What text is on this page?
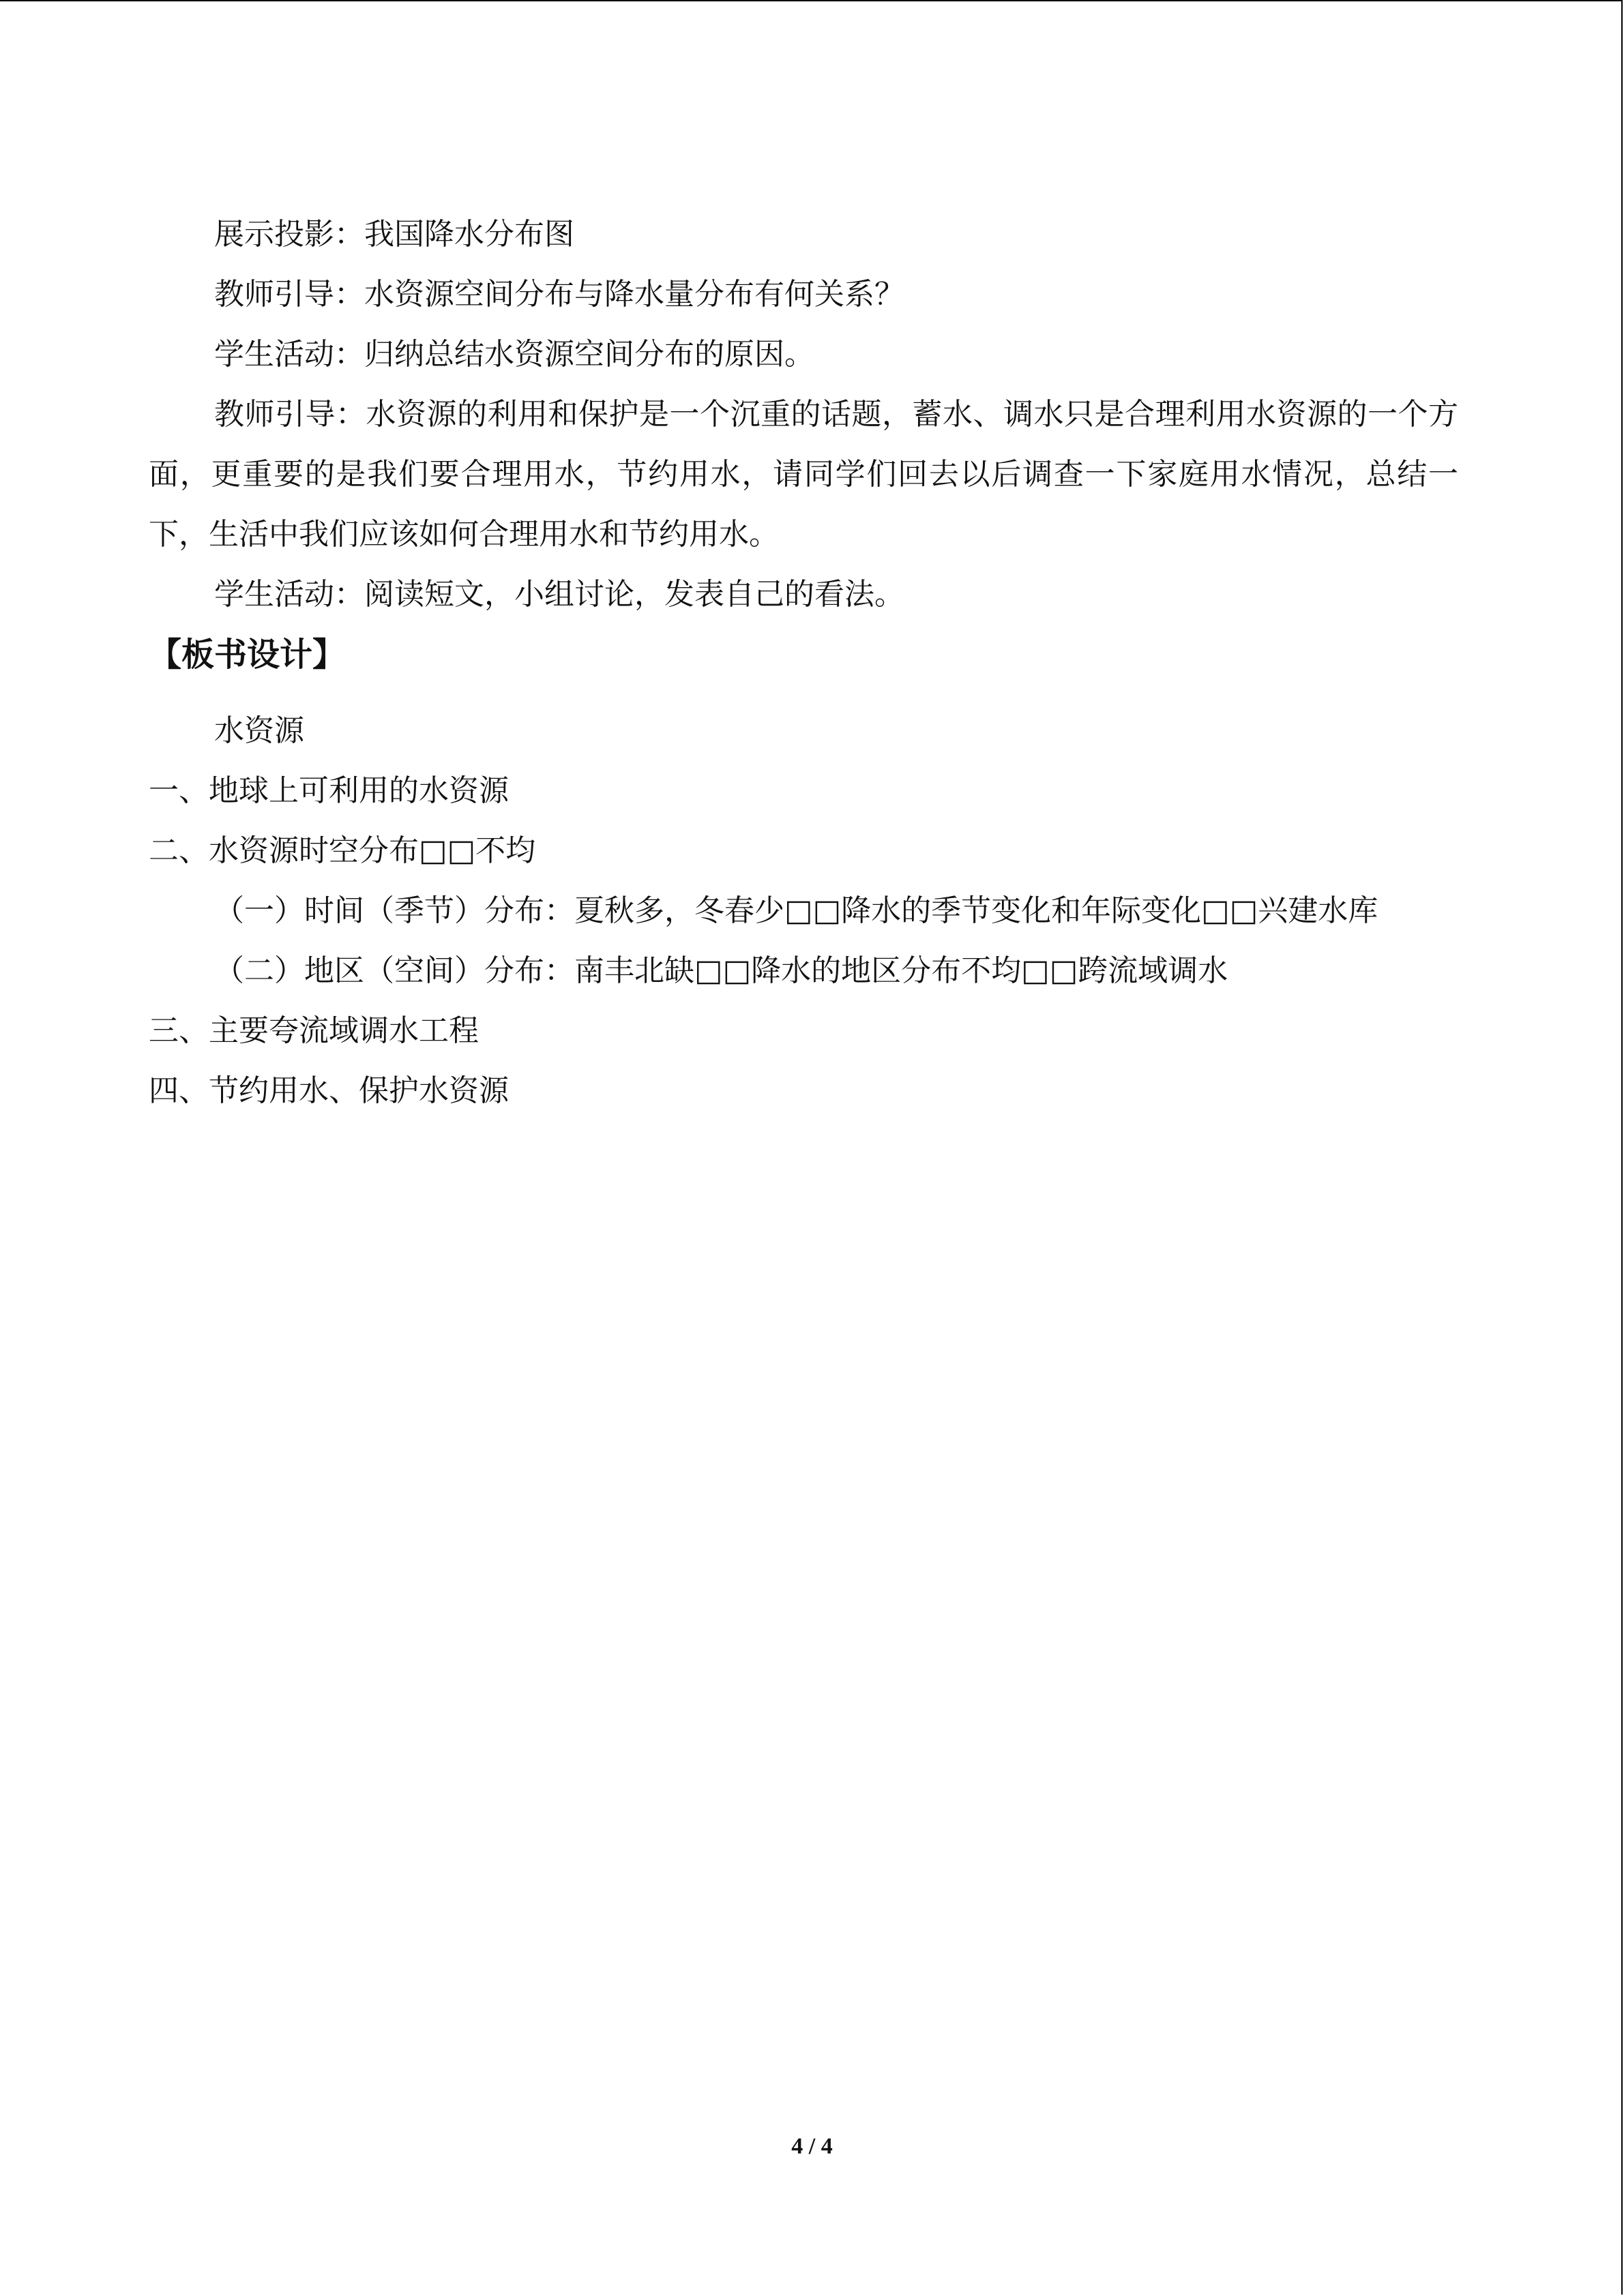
展示投影：我国降水分布图

教师引导：水资源空间分布与降水量分布有何关系？

学生活动：归纳总结水资源空间分布的原因。

教师引导：水资源的利用和保护是一个沉重的话题，蓄水、调水只是合理利用水资源的一个方面，更重要的是我们要合理用水，节约用水，请同学们回去以后调查一下家庭用水情况，总结一下，生活中我们应该如何合理用水和节约用水。

学生活动：阅读短文，小组讨论，发表自己的看法。

【板书设计】

水资源

一、地球上可利用的水资源

二、水资源时空分布□□不均

（一）时间（季节）分布：夏秋多，冬春少□□降水的季节变化和年际变化□□兴建水库

（二）地区（空间）分布：南丰北缺□□降水的地区分布不均□□跨流域调水

三、主要夸流域调水工程

四、节约用水、保护水资源

4 / 4
